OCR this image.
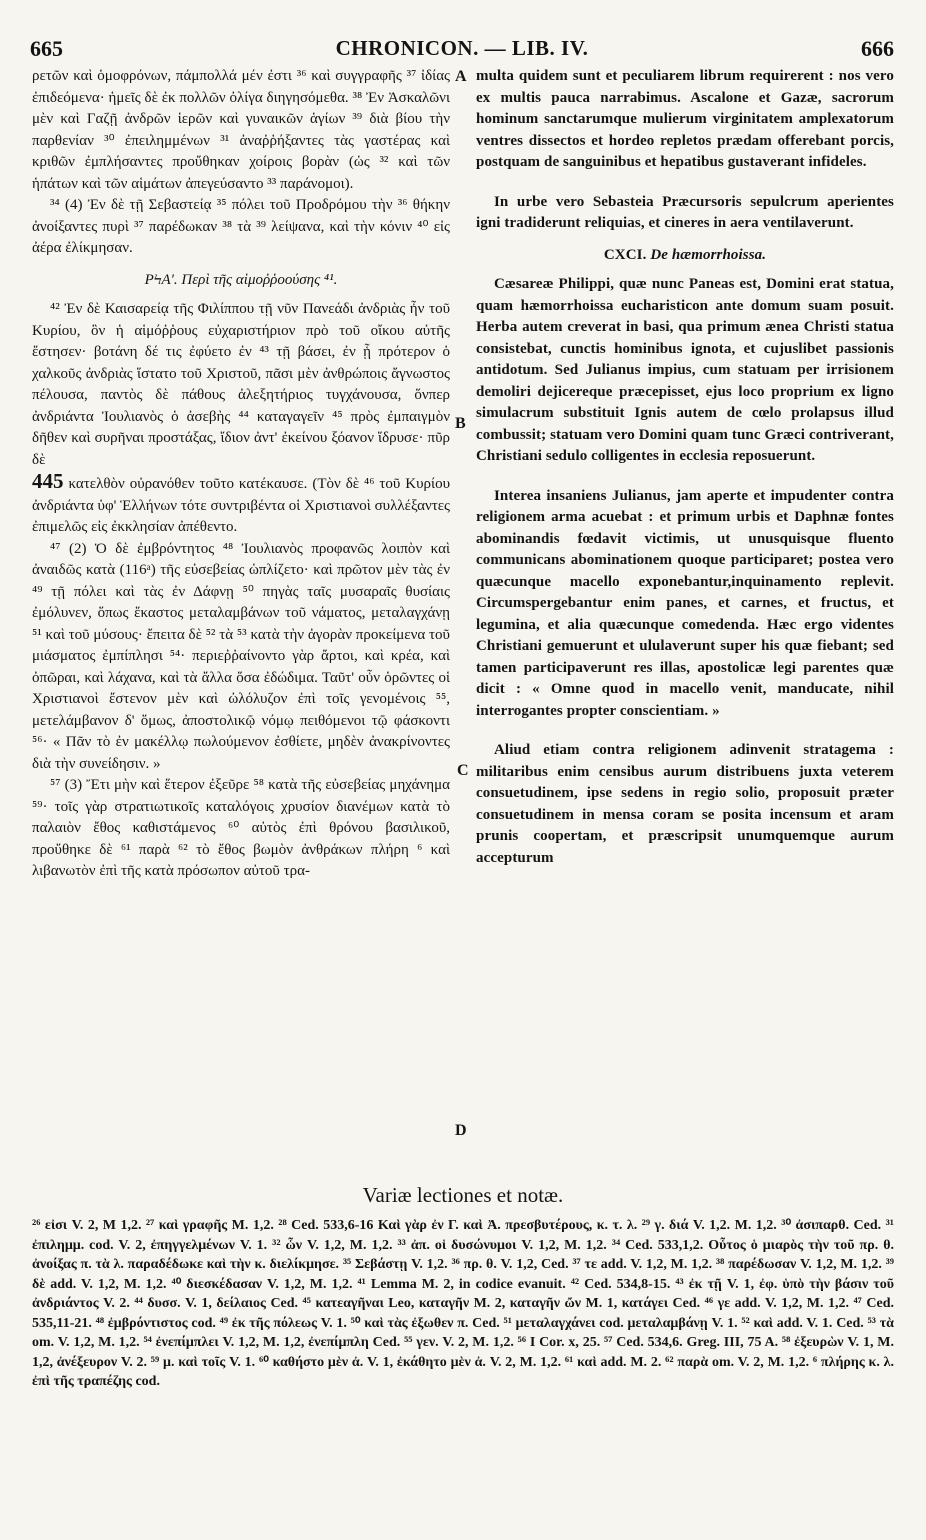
665	CHRONICON. — LIB. IV.	666
A
B
C
D

ρετῶν καὶ ὁμοφρόνων, πάμπολλά μέν ἐστι ³⁶ καὶ συγγραφῆς ³⁷ ἰδίας ἐπιδεόμενα· ἡμεῖς δὲ ἐκ πολλῶν ὀλίγα διηγησόμεθα. ³⁸ Ἐν Ἀσκαλῶνι μὲν καὶ Γαζῇ ἀνδρῶν ἱερῶν καὶ γυναικῶν ἁγίων ³⁹ διὰ βίου τὴν παρθενίαν ³⁰ ἐπειλημμένων ³¹ ἀναῤῥήξαντες τὰς γαστέρας καὶ κριθῶν ἐμπλήσαντες προὔθηκαν χοίροις βορὰν (ὡς ³² καὶ τῶν ἡπάτων καὶ τῶν αἱμάτων ἀπεγεύσαντο ³³ παράνομοι).

³⁴ (4) Ἐν δὲ τῇ Σεβαστείᾳ ³⁵ πόλει τοῦ Προδρόμου τὴν ³⁶ θήκην ἀνοίξαντες πυρὶ ³⁷ παρέδωκαν ³⁸ τὰ ³⁹ λείψανα, καὶ τὴν κόνιν ⁴⁰ εἰς ἀέρα ἐλίκμησαν.

ΡϞΑ'. Περὶ τῆς αἱμοῤῥοούσης ⁴¹.

⁴² Ἐν δὲ Καισαρείᾳ τῆς Φιλίππου τῇ νῦν Πανεάδι ἀνδριὰς ἦν τοῦ Κυρίου, ὃν ἡ αἱμόῤῥους εὐχαριστήριον πρὸ τοῦ οἴκου αὐτῆς ἔστησεν· βοτάνη δέ τις ἐφύετο ἐν ⁴³ τῇ βάσει, ἐν ᾗ πρότερον ὁ χαλκοῦς ἀνδριὰς ἵστατο τοῦ Χριστοῦ, πᾶσι μὲν ἀνθρώποις ἄγνωστος πέλουσα, παντὸς δὲ πάθους ἀλεξητήριος τυγχάνουσα, ὅνπερ ἀνδριάντα Ἰουλιανὸς ὁ ἀσεβὴς ⁴⁴ καταγαγεῖν ⁴⁵ πρὸς ἐμπαιγμὸν δῆθεν καὶ συρῆναι προστάξας, ἴδιον ἀντ' ἐκείνου ξόανον ἵδρυσε· πῦρ δὲ

445 κατελθὸν οὐρανόθεν τοῦτο κατέκαυσε. (Τὸν δὲ ⁴⁶ τοῦ Κυρίου ἀνδριάντα ὑφ' Ἑλλήνων τότε συντριβέντα οἱ Χριστιανοὶ συλλέξαντες ἐπιμελῶς εἰς ἐκκλησίαν ἀπέθεντο.

⁴⁷ (2) Ὁ δὲ ἐμβρόντητος ⁴⁸ Ἰουλιανὸς προφανῶς λοιπὸν καὶ ἀναιδῶς κατὰ (116ᵃ) τῆς εὐσεβείας ὡπλίζετο· καὶ πρῶτον μὲν τὰς ἐν ⁴⁹ τῇ πόλει καὶ τὰς ἐν Δάφνῃ ⁵⁰ πηγὰς ταῖς μυσαραῖς θυσίαις ἐμόλυνεν, ὅπως ἕκαστος μεταλαμβάνων τοῦ νάματος, μεταλαγχάνῃ ⁵¹ καὶ τοῦ μύσους· ἔπειτα δὲ ⁵² τὰ ⁵³ κατὰ τὴν ἀγορὰν προκείμενα τοῦ μιάσματος ἐμπίπλησι ⁵⁴· περιεῤῥαίνοντο γὰρ ἄρτοι, καὶ κρέα, καὶ ὀπῶραι, καὶ λάχανα, καὶ τὰ ἄλλα ὅσα ἐδώδιμα. Ταῦτ' οὖν ὁρῶντες οἱ Χριστιανοὶ ἔστενον μὲν καὶ ὠλόλυζον ἐπὶ τοῖς γενομένοις ⁵⁵, μετελάμβανον δ' ὅμως, ἀποστολικῷ νόμῳ πειθόμενοι τῷ φάσκοντι ⁵⁶· « Πᾶν τὸ ἐν μακέλλῳ πωλούμενον ἐσθίετε, μηδὲν ἀνακρίνοντες διὰ τὴν συνείδησιν. »

⁵⁷ (3) Ἔτι μὴν καὶ ἕτερον ἐξεῦρε ⁵⁸ κατὰ τῆς εὐσεβείας μηχάνημα ⁵⁹· τοῖς γὰρ στρατιωτικοῖς καταλόγοις χρυσίον διανέμων κατὰ τὸ παλαιὸν ἔθος καθιστάμενος ⁶⁰ αὐτὸς ἐπὶ θρόνου βασιλικοῦ, προὔθηκε δὲ ⁶¹ παρὰ ⁶² τὸ ἔθος βωμὸν ἀνθράκων πλήρη ⁶ καὶ λιβανωτὸν ἐπὶ τῆς κατὰ πρόσωπον αὐτοῦ τρα-

multa quidem sunt et peculiarem librum requirerent : nos vero ex multis pauca narrabimus. Ascalone et Gazæ, sacrorum hominum sanctarumque mulierum virginitatem amplexatorum ventres dissectos et hordeo repletos prædam offerebant porcis, postquam de sanguinibus et hepatibus gustaverant infideles.

In urbe vero Sebasteia Præcursoris sepulcrum aperientes igni tradiderunt reliquias, et cineres in aera ventilaverunt.

CXCI. De hæmorrhoissa.

Cæsareæ Philippi, quæ nunc Paneas est, Domini erat statua, quam hæmorrhoissa eucharisticon ante domum suam posuit. Herba autem creverat in basi, qua primum ænea Christi statua consistebat, cunctis hominibus ignota, et cujuslibet passionis antidotum. Sed Julianus impius, cum statuam per irrisionem demoliri dejicereque præcepisset, ejus loco proprium ex ligno simulacrum substituit Ignis autem de cœlo prolapsus illud combussit; statuam vero Domini quam tunc Græci contriverant, Christiani sedulo colligentes in ecclesia reposuerunt.

Interea insaniens Julianus, jam aperte et impudenter contra religionem arma acuebat : et primum urbis et Daphnæ fontes abominandis fœdavit victimis, ut unusquisque fluento communicans abominationem quoque participaret; postea vero quæcunque macello exponebantur,inquinamento replevit. Circumspergebantur enim panes, et carnes, et fructus, et legumina, et alia quæcunque comedenda. Hæc ergo videntes Christiani gemuerunt et ululaverunt super his quæ fiebant; sed tamen participaverunt res illas, apostolicæ legi parentes quæ dicit : « Omne quod in macello venit, manducate, nihil interrogantes propter conscientiam. »

Aliud etiam contra religionem adinvenit stratagema : militaribus enim censibus aurum distribuens juxta veterem consuetudinem, ipse sedens in regio solio, proposuit præter consuetudinem in mensa coram se posita incensum et aram prunis coopertam, et præscripsit unumquemque aurum accepturum

Variæ lectiones et notæ.
²⁶ εἰσι V. 2, M 1,2. ²⁷ καὶ γραφῆς M. 1,2. ²⁸ Ced. 533,6-16 Καὶ γὰρ ἐν Γ. καὶ Ἀ. πρεσβυτέρους, κ. τ. λ. ²⁹ γ. διά V. 1,2. M. 1,2. ³⁰ ἀσιπαρθ. Ced. ³¹ ἐπιλημμ. cod. V. 2, ἐπηγγελμένων V. 1. ³² ὧν V. 1,2, M. 1,2. ³³ ἀπ. οἱ δυσώνυμοι V. 1,2, M. 1,2. ³⁴ Ced. 533,1,2. Οὗτος ὁ μιαρὸς τὴν τοῦ πρ. θ. ἀνοίξας π. τὰ λ. παραδέδωκε καὶ τὴν κ. διελίκμησε. ³⁵ Σεβάστῃ V. 1,2. ³⁶ πρ. θ. V. 1,2, Ced. ³⁷ τε add. V. 1,2, M. 1,2. ³⁸ παρέδωσαν V. 1,2, M. 1,2. ³⁹ δὲ add. V. 1,2, M. 1,2. ⁴⁰ διεσκέδασαν V. 1,2, M. 1,2. ⁴¹ Lemma M. 2, in codice evanuit. ⁴² Ced. 534,8-15. ⁴³ ἐκ τῇ V. 1, ἐφ. ὑπὸ τὴν βάσιν τοῦ ἀνδριάντος V. 2. ⁴⁴ δυσσ. V. 1, δείλαιος Ced. ⁴⁵ κατεαγῆναι Leo, καταγῆν M. 2, καταγῆν ὤν M. 1, κατάγει Ced. ⁴⁶ γε add. V. 1,2, M. 1,2. ⁴⁷ Ced. 535,11-21. ⁴⁸ ἐμβρόντιστος cod. ⁴⁹ ἐκ τῆς πόλεως V. 1. ⁵⁰ καὶ τὰς ἐξωθεν π. Ced. ⁵¹ μεταλαγχάνει cod. μεταλαμβάνῃ V. 1. ⁵² καὶ add. V. 1. Ced. ⁵³ τὰ om. V. 1,2, M. 1,2. ⁵⁴ ἐνεπίμπλει V. 1,2, M. 1,2, ἐνεπίμπλη Ced. ⁵⁵ γεν. V. 2, M. 1,2. ⁵⁶ I Cor. x, 25. ⁵⁷ Ced. 534,6. Greg. III, 75 A. ⁵⁸ ἐξευρὼν V. 1, M. 1,2, ἀνέξευρον V. 2. ⁵⁹ μ. καὶ τοῖς V. 1. ⁶⁰ καθήστο μὲν ἀ. V. 1, ἐκάθητο μὲν ἀ. V. 2, M. 1,2. ⁶¹ καὶ add. M. 2. ⁶² παρὰ om. V. 2, M. 1,2. ⁶ πλήρης κ. λ. ἐπὶ τῆς τραπέζης cod.
